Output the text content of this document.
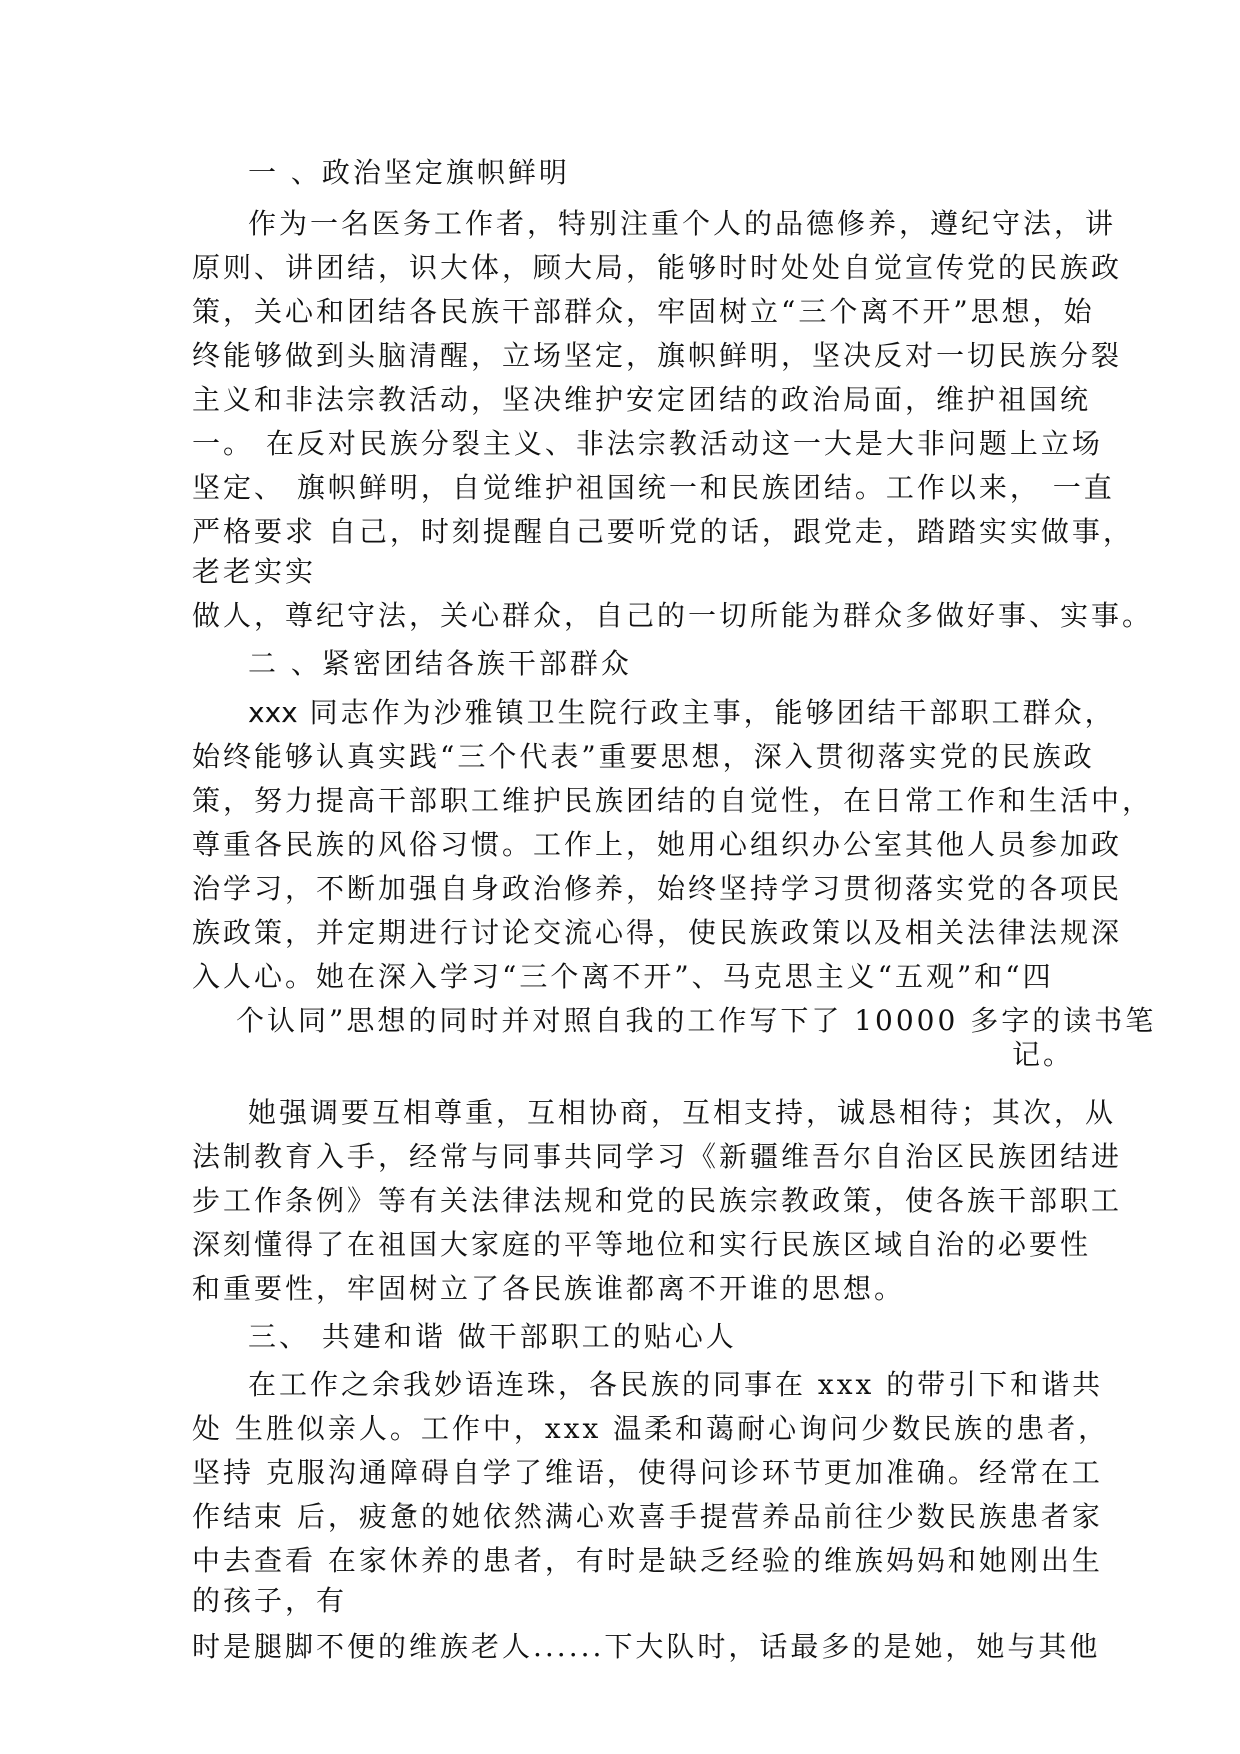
一 、政治坚定旗帜鲜明
作为一名医务工作者，特别注重个人的品德修养，遵纪守法，讲
原则、讲团结，识大体，顾大局，能够时时处处自觉宣传党的民族政
策，关心和团结各民族干部群众，牢固树立“三个离不开”思想，始
终能够做到头脑清醒，立场坚定，旗帜鲜明，坚决反对一切民族分裂
主义和非法宗教活动，坚决维护安定团结的政治局面，维护祖国统
一。 在反对民族分裂主义、非法宗教活动这一大是大非问题上立场
坚定、 旗帜鲜明，自觉维护祖国统一和民族团结。工作以来， 一直
严格要求 自己，时刻提醒自己要听党的话，跟党走，踏踏实实做事，
老老实实
做人，尊纪守法，关心群众，自己的一切所能为群众多做好事、实事。
二 、紧密团结各族干部群众
xxx 同志作为沙雅镇卫生院行政主事，能够团结干部职工群众，
始终能够认真实践“三个代表”重要思想，深入贯彻落实党的民族政
策，努力提高干部职工维护民族团结的自觉性，在日常工作和生活中，
尊重各民族的风俗习惯。工作上，她用心组织办公室其他人员参加政
治学习，不断加强自身政治修养，始终坚持学习贯彻落实党的各项民
族政策，并定期进行讨论交流心得，使民族政策以及相关法律法规深
入人心。她在深入学习“三个离不开”、马克思主义“五观”和“四
个认同”思想的同时并对照自我的工作写下了 10000 多字的读书笔
记。
她强调要互相尊重，互相协商，互相支持，诚恳相待；其次，从
法制教育入手，经常与同事共同学习《新疆维吾尔自治区民族团结进
步工作条例》等有关法律法规和党的民族宗教政策，使各族干部职工
深刻懂得了在祖国大家庭的平等地位和实行民族区域自治的必要性
和重要性，牢固树立了各民族谁都离不开谁的思想。
三、 共建和谐 做干部职工的贴心人
在工作之余我妙语连珠，各民族的同事在 xxx 的带引下和谐共
处 生胜似亲人。工作中，xxx 温柔和蔼耐心询问少数民族的患者，
坚持 克服沟通障碍自学了维语，使得问诊环节更加准确。经常在工
作结束 后，疲惫的她依然满心欢喜手提营养品前往少数民族患者家
中去查看 在家休养的患者，有时是缺乏经验的维族妈妈和她刚出生
的孩子，有
时是腿脚不便的维族老人......下大队时，话最多的是她，她与其他
